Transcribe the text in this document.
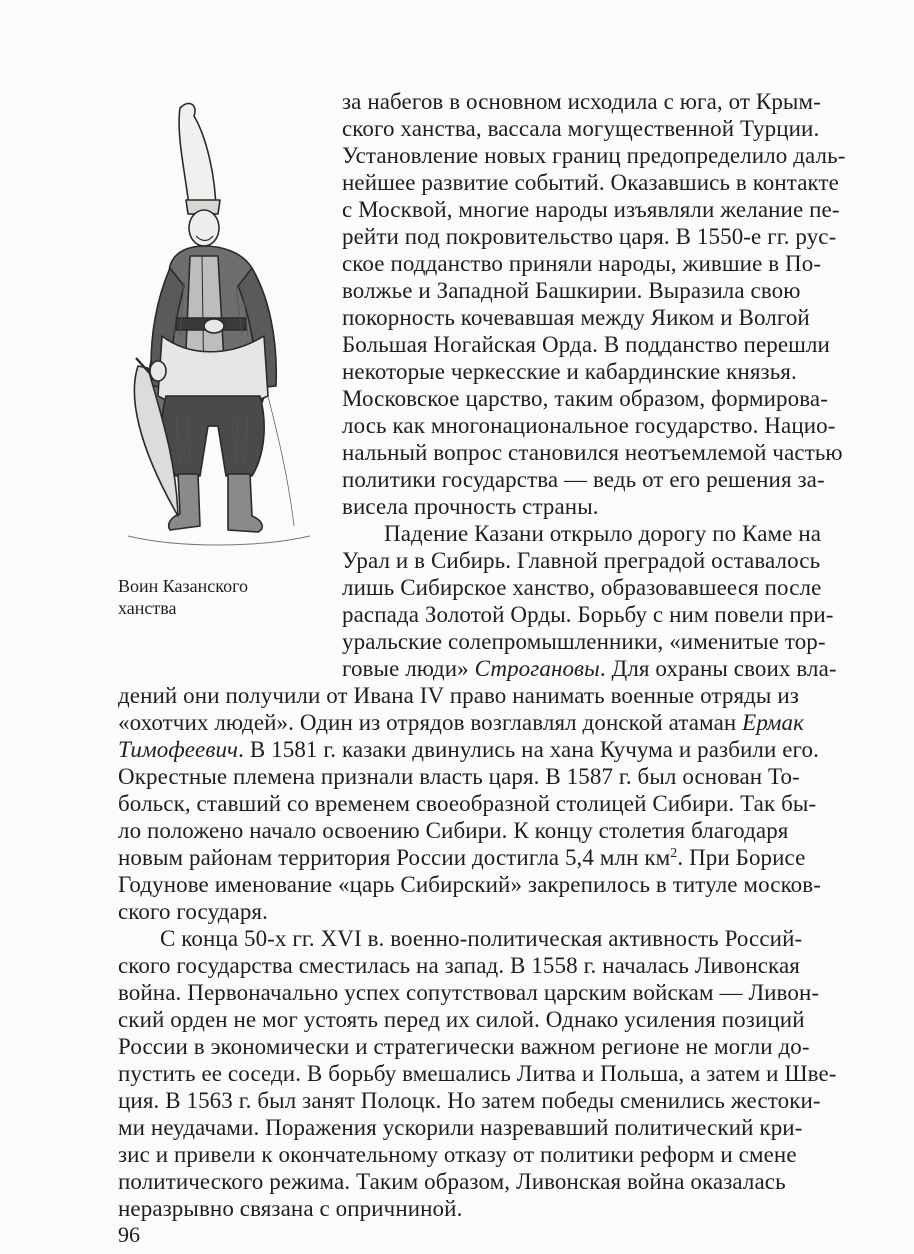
Воин Казанского
ханства
за набегов в основном исходила с юга, от Крым-
ского ханства, вассала могущественной Турции.
Установление новых границ предопределило даль-
нейшее развитие событий. Оказавшись в контакте
с Москвой, многие народы изъявляли желание пе-
рейти под покровительство царя. В 1550-е гг. рус-
ское подданство приняли народы, жившие в По-
волжье и Западной Башкирии. Выразила свою
покорность кочевавшая между Яиком и Волгой
Большая Ногайская Орда. В подданство перешли
некоторые черкесские и кабардинские князья.
Московское царство, таким образом, формирова-
лось как многонациональное государство. Нацио-
нальный вопрос становился неотъемлемой частью
политики государства — ведь от его решения за-
висела прочность страны.
Падение Казани открыло дорогу по Каме на
Урал и в Сибирь. Главной преградой оставалось
лишь Сибирское ханство, образовавшееся после
распада Золотой Орды. Борьбу с ним повели при-
уральские солепромышленники, «именитые тор-
говые люди» Строгановы. Для охраны своих вла-
дений они получили от Ивана IV право нанимать военные отряды из
«охотчих людей». Один из отрядов возглавлял донской атаман Ермак
Тимофеевич. В 1581 г. казаки двинулись на хана Кучума и разбили его.
Окрестные племена признали власть царя. В 1587 г. был основан То-
больск, ставший со временем своеобразной столицей Сибири. Так бы-
ло положено начало освоению Сибири. К концу столетия благодаря
новым районам территория России достигла 5,4 млн $км^2$. При Борисе
Годунове именование «царь Сибирский» закрепилось в титуле москов-
ского государя.
С конца 50-х гг. XVI в. военно-политическая активность Россий-
ского государства сместилась на запад. В 1558 г. началась Ливонская
война. Первоначально успех сопутствовал царским войскам — Ливон-
ский орден не мог устоять перед их силой. Однако усиления позиций
России в экономически и стратегически важном регионе не могли до-
пустить ее соседи. В борьбу вмешались Литва и Польша, а затем и Шве-
ция. В 1563 г. был занят Полоцк. Но затем победы сменились жестоки-
ми неудачами. Поражения ускорили назревавший политический кри-
зис и привели к окончательному отказу от политики реформ и смене
политического режима. Таким образом, Ливонская война оказалась
неразрывно связана с опричниной.
96
